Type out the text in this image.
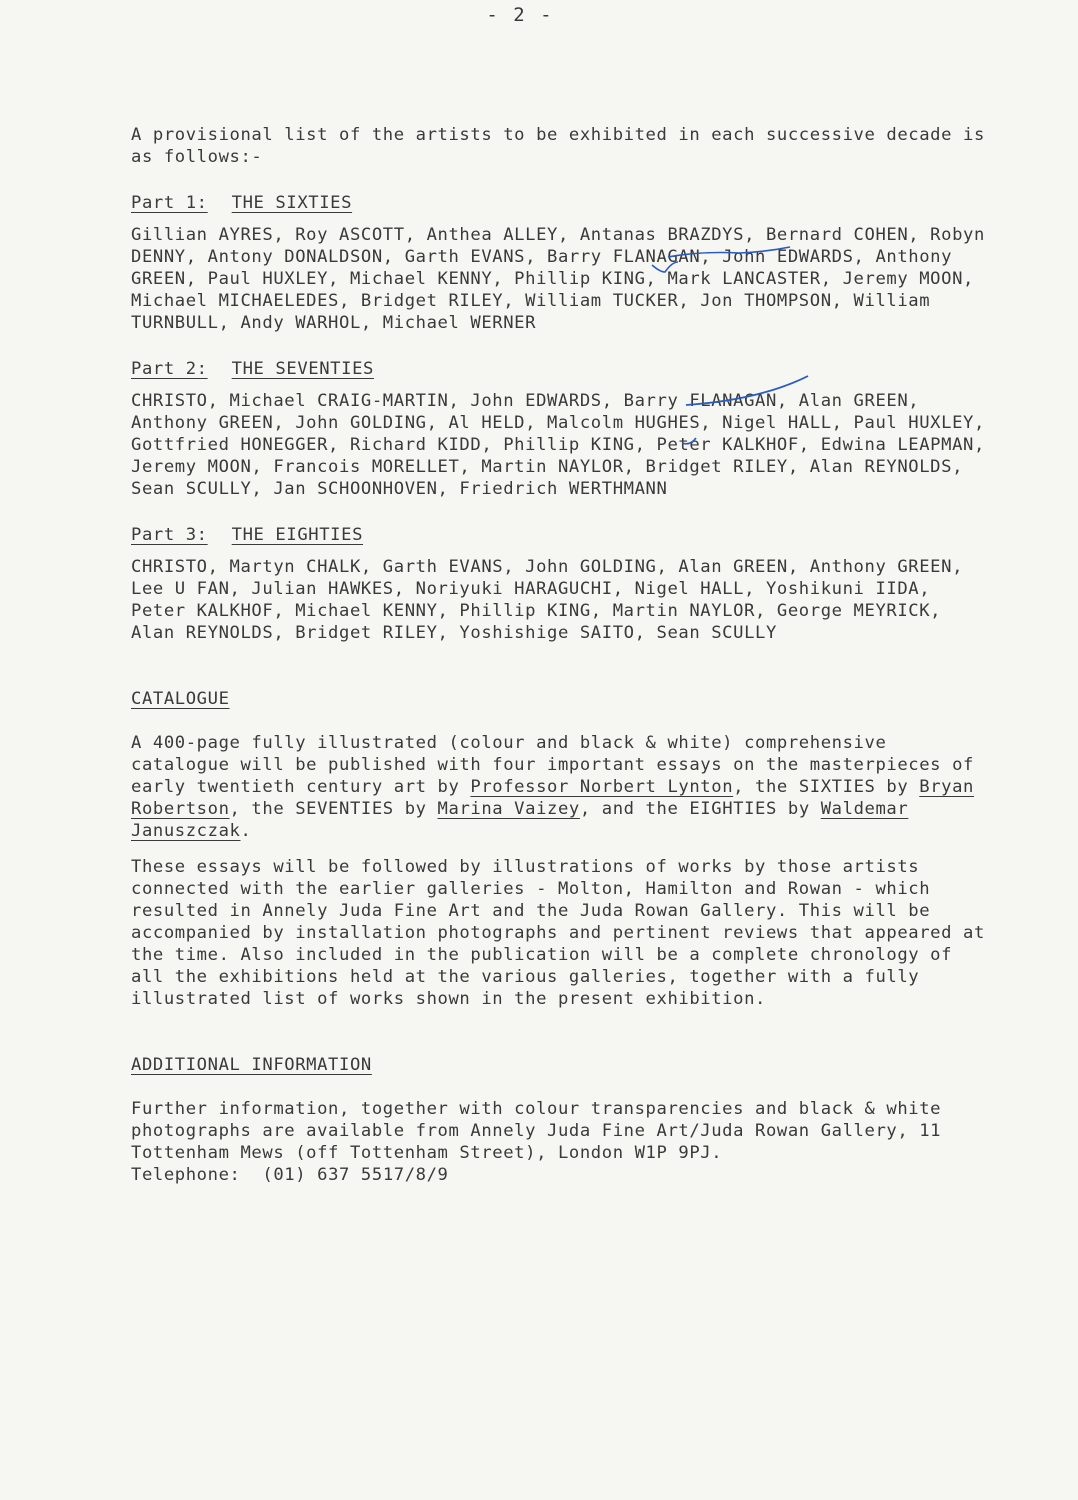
- 2 -

A provisional list of the artists to be exhibited in each successive decade is as follows:-

Part 1: THE SIXTIES

Gillian AYRES, Roy ASCOTT, Anthea ALLEY, Antanas BRAZDYS, Bernard COHEN, Robyn DENNY, Antony DONALDSON, Garth EVANS, Barry FLANAGAN, John EDWARDS, Anthony GREEN, Paul HUXLEY, Michael KENNY, Phillip KING, Mark LANCASTER, Jeremy MOON, Michael MICHAELEDES, Bridget RILEY, William TUCKER, Jon THOMPSON, William TURNBULL, Andy WARHOL, Michael WERNER

Part 2: THE SEVENTIES

CHRISTO, Michael CRAIG-MARTIN, John EDWARDS, Barry FLANAGAN, Alan GREEN, Anthony GREEN, John GOLDING, Al HELD, Malcolm HUGHES, Nigel HALL, Paul HUXLEY, Gottfried HONEGGER, Richard KIDD, Phillip KING, Peter KALKHOF, Edwina LEAPMAN, Jeremy MOON, Francois MORELLET, Martin NAYLOR, Bridget RILEY, Alan REYNOLDS, Sean SCULLY, Jan SCHOONHOVEN, Friedrich WERTHMANN

Part 3: THE EIGHTIES

CHRISTO, Martyn CHALK, Garth EVANS, John GOLDING, Alan GREEN, Anthony GREEN, Lee U FAN, Julian HAWKES, Noriyuki HARAGUCHI, Nigel HALL, Yoshikuni IIDA, Peter KALKHOF, Michael KENNY, Phillip KING, Martin NAYLOR, George MEYRICK, Alan REYNOLDS, Bridget RILEY, Yoshishige SAITO, Sean SCULLY

CATALOGUE

A 400-page fully illustrated (colour and black & white) comprehensive catalogue will be published with four important essays on the masterpieces of early twentieth century art by Professor Norbert Lynton, the SIXTIES by Bryan Robertson, the SEVENTIES by Marina Vaizey, and the EIGHTIES by Waldemar Januszczak.

These essays will be followed by illustrations of works by those artists connected with the earlier galleries - Molton, Hamilton and Rowan - which resulted in Annely Juda Fine Art and the Juda Rowan Gallery. This will be accompanied by installation photographs and pertinent reviews that appeared at the time. Also included in the publication will be a complete chronology of all the exhibitions held at the various galleries, together with a fully illustrated list of works shown in the present exhibition.

ADDITIONAL INFORMATION

Further information, together with colour transparencies and black & white photographs are available from Annely Juda Fine Art/Juda Rowan Gallery, 11 Tottenham Mews (off Tottenham Street), London W1P 9PJ.

Telephone: (01) 637 5517/8/9
